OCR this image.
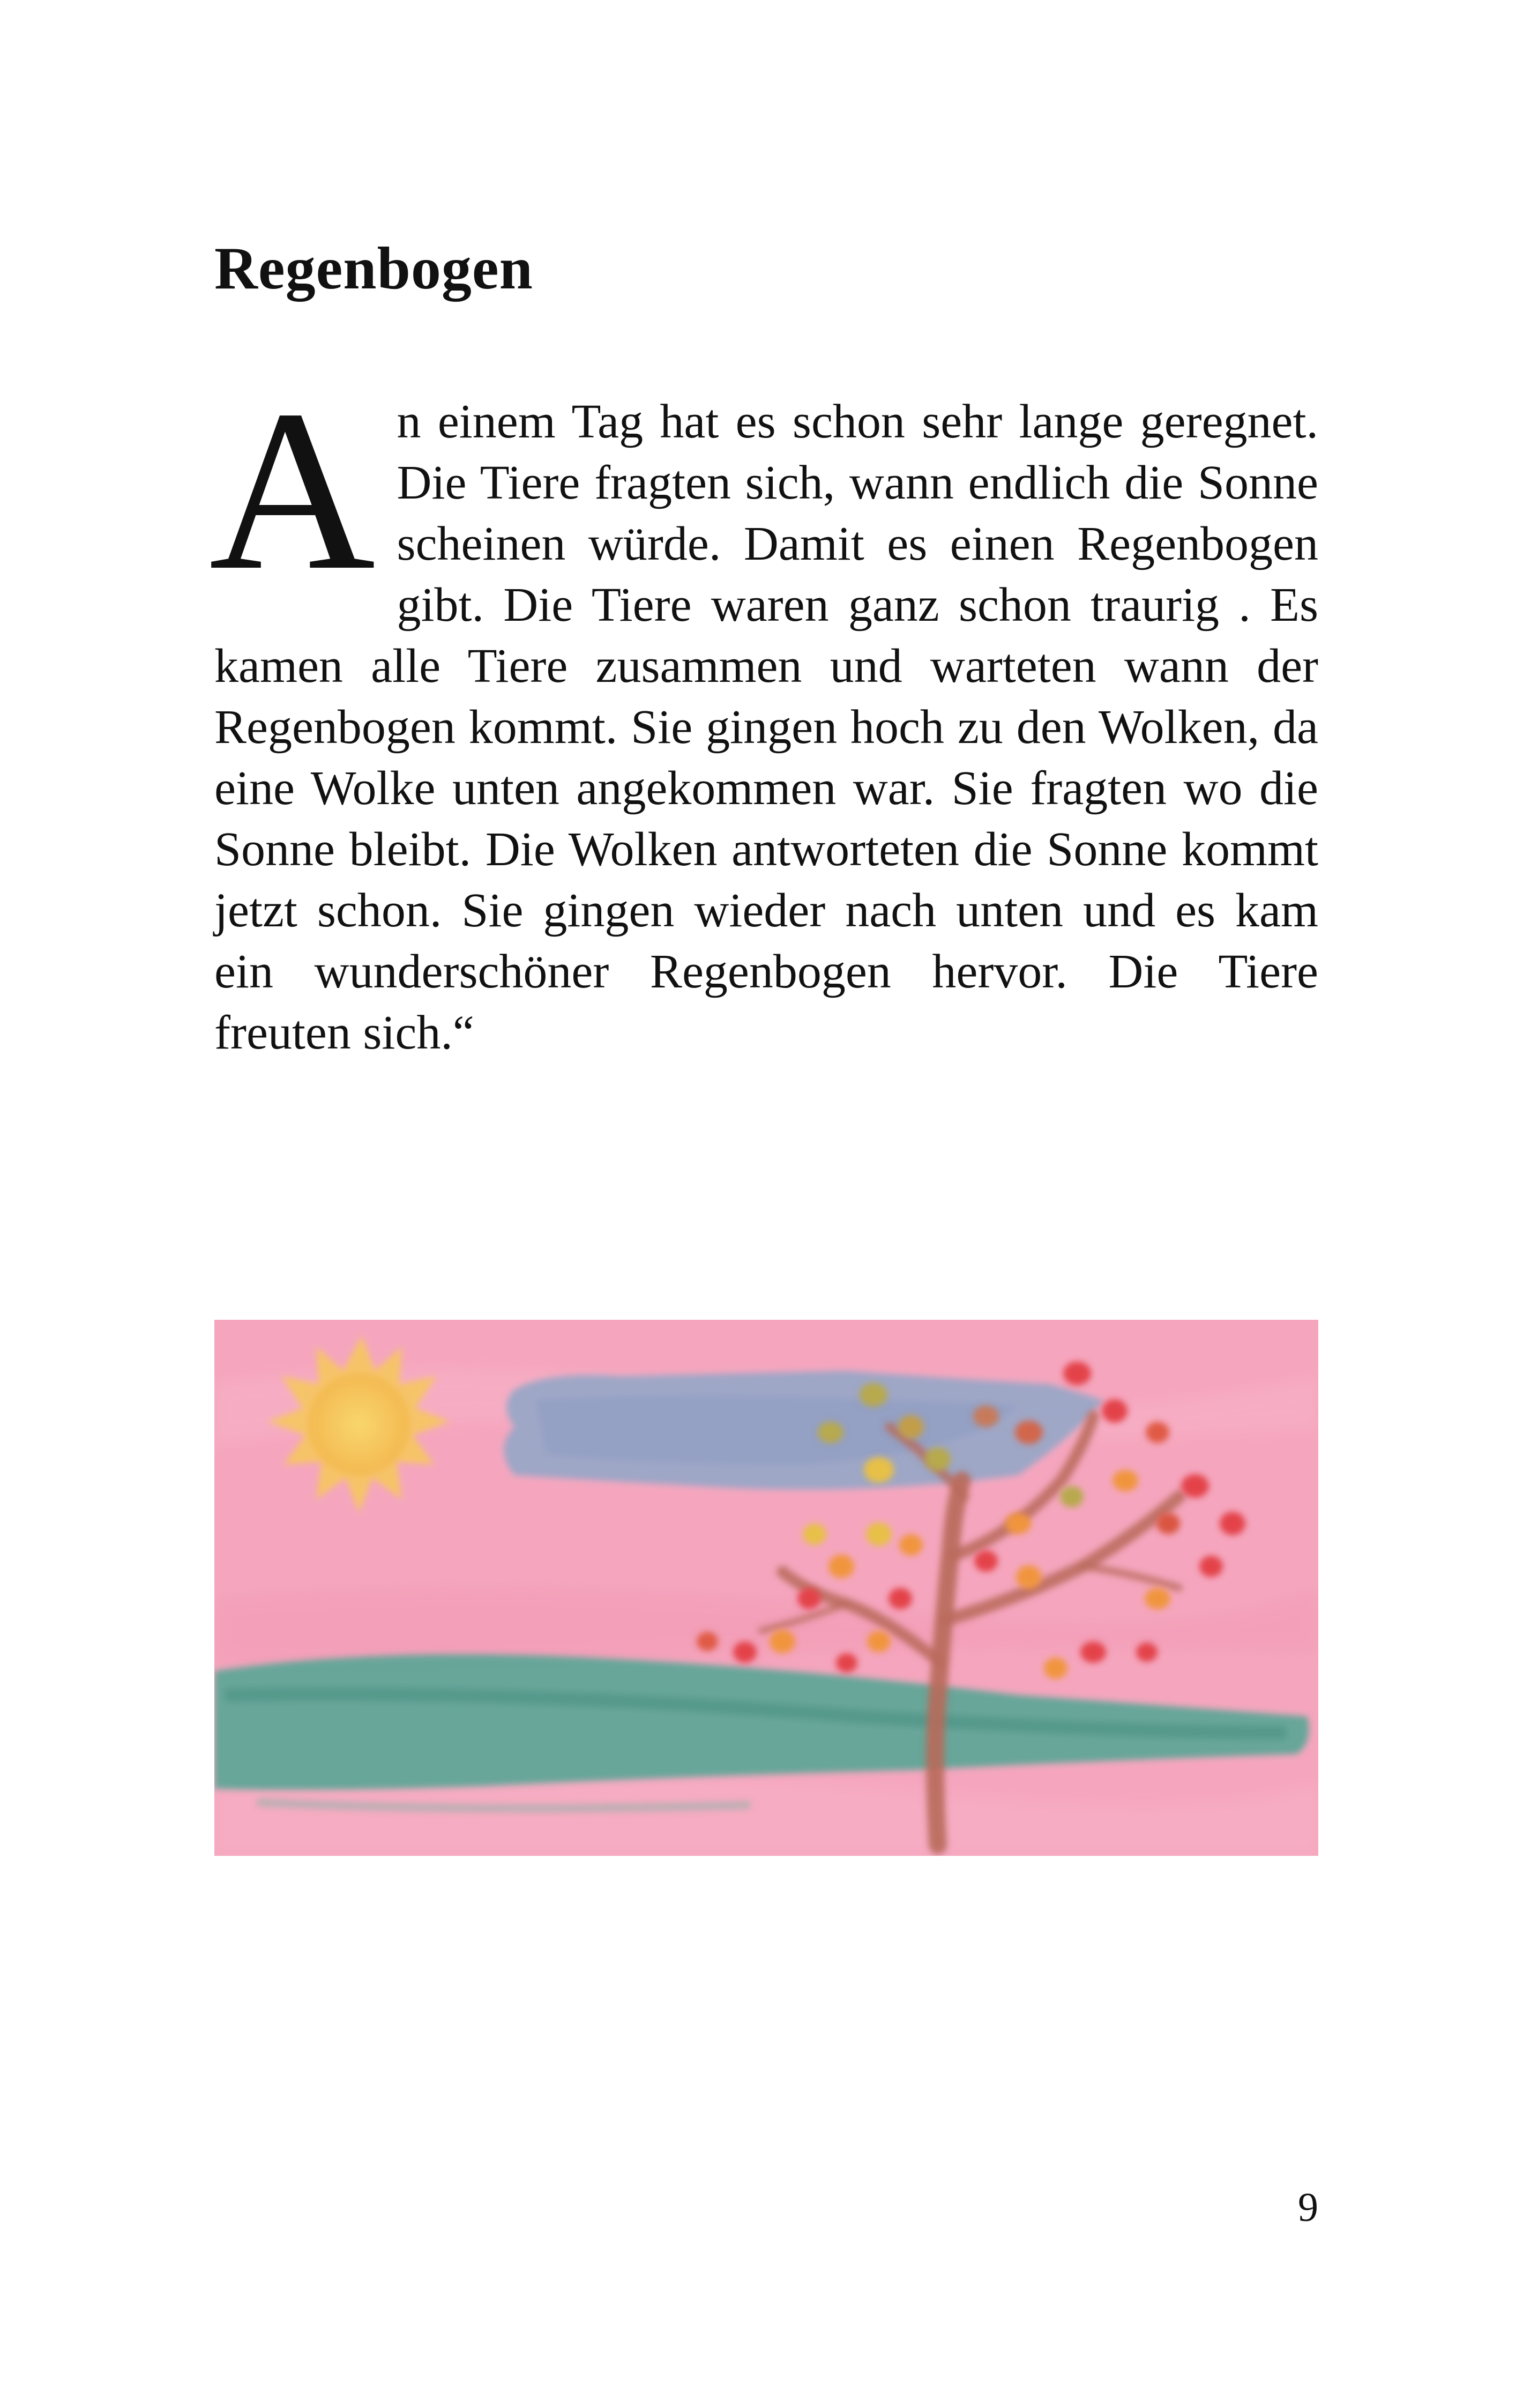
Regenbogen

An einem Tag hat es schon sehr lange geregnet. Die Tiere fragten sich, wann endlich die Sonne scheinen würde. Damit es einen Regenbogen gibt. Die Tiere waren ganz schon traurig . Es kamen alle Tiere zusammen und warteten wann der Regenbogen kommt. Sie gingen hoch zu den Wolken, da eine Wolke unten angekommen war. Sie fragten wo die Sonne bleibt. Die Wolken antworteten die Sonne kommt jetzt schon. Sie gingen wieder nach unten und es kam ein wunderschöner Regenbogen hervor. Die Tiere freuten sich.“

9
